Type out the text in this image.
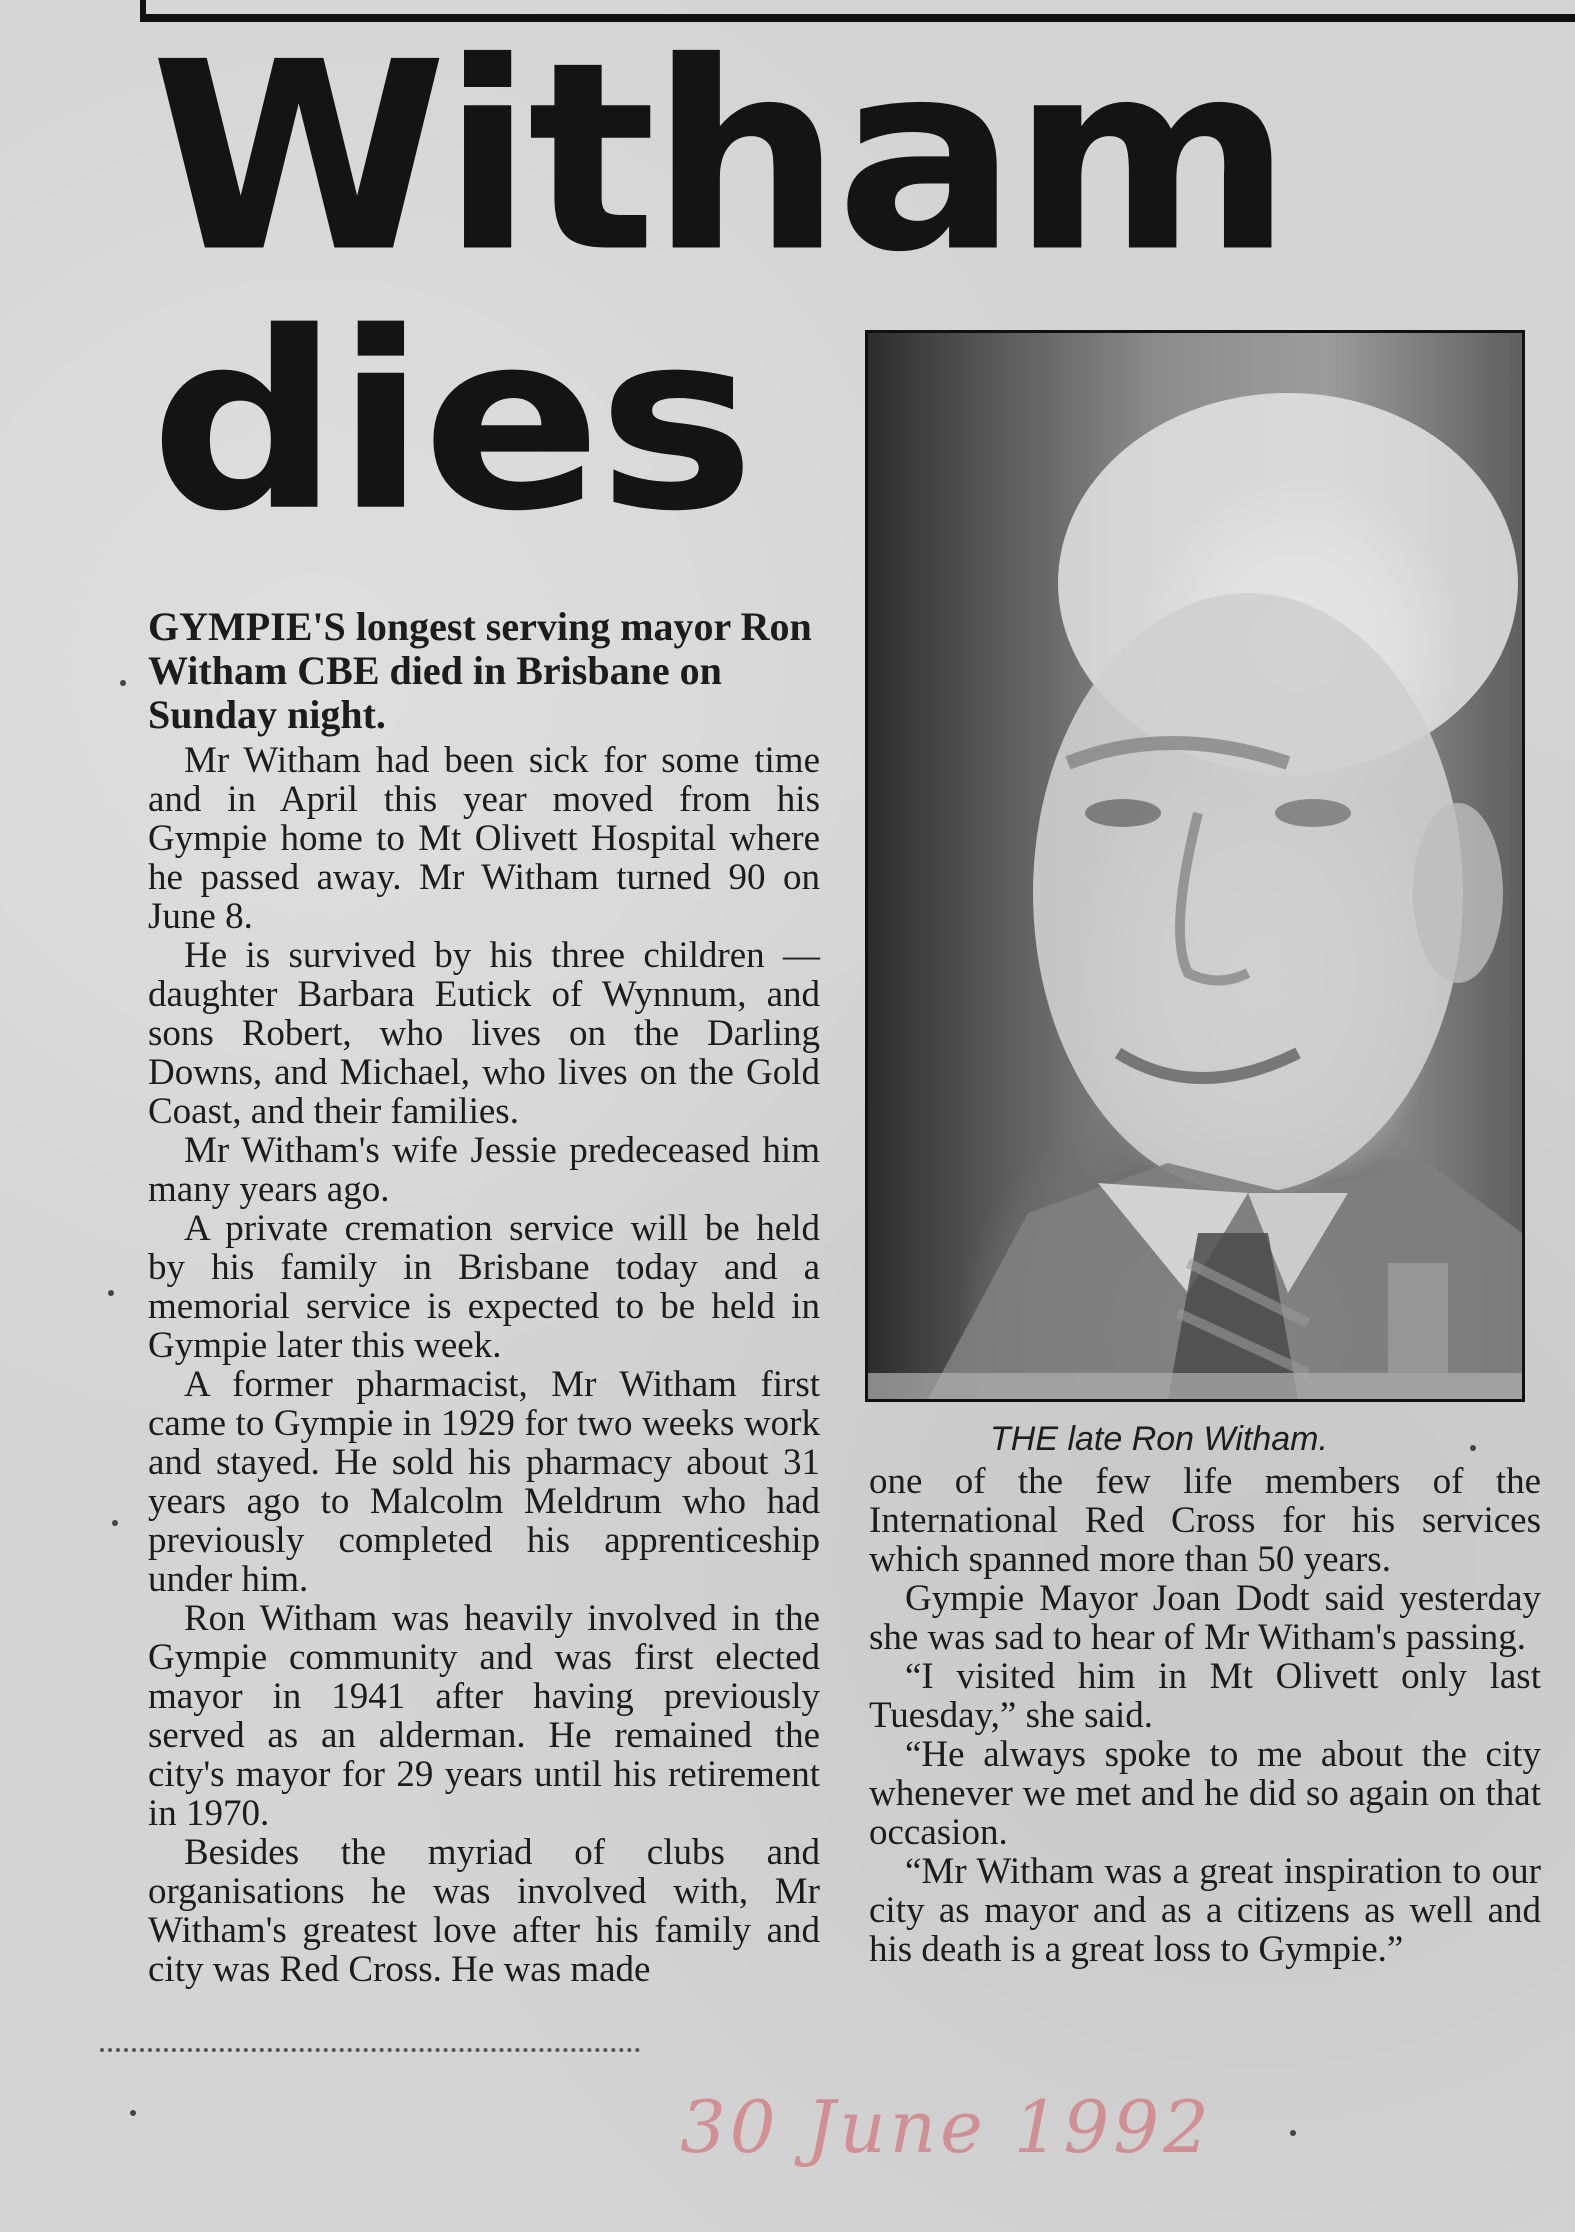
Witham
dies

GYMPIE'S longest serving mayor Ron Witham CBE died in Brisbane on Sunday night.

Mr Witham had been sick for some time and in April this year moved from his Gympie home to Mt Olivett Hospital where he passed away. Mr Witham turned 90 on June 8.

He is survived by his three children — daughter Barbara Eutick of Wynnum, and sons Robert, who lives on the Darling Downs, and Michael, who lives on the Gold Coast, and their families.

Mr Witham's wife Jessie predeceased him many years ago.

A private cremation service will be held by his family in Brisbane today and a memorial service is expected to be held in Gympie later this week.

A former pharmacist, Mr Witham first came to Gympie in 1929 for two weeks work and stayed. He sold his pharmacy about 31 years ago to Malcolm Meldrum who had previously completed his apprenticeship under him.

Ron Witham was heavily involved in the Gympie community and was first elected mayor in 1941 after having previously served as an alderman. He remained the city's mayor for 29 years until his retirement in 1970.

Besides the myriad of clubs and organisations he was involved with, Mr Witham's greatest love after his family and city was Red Cross. He was made

THE late Ron Witham.

one of the few life members of the International Red Cross for his services which spanned more than 50 years.

Gympie Mayor Joan Dodt said yesterday she was sad to hear of Mr Witham's passing.

“I visited him in Mt Olivett only last Tuesday,” she said.

“He always spoke to me about the city whenever we met and he did so again on that occasion.

“Mr Witham was a great inspiration to our city as mayor and as a citizens as well and his death is a great loss to Gympie.”

30 June 1992
